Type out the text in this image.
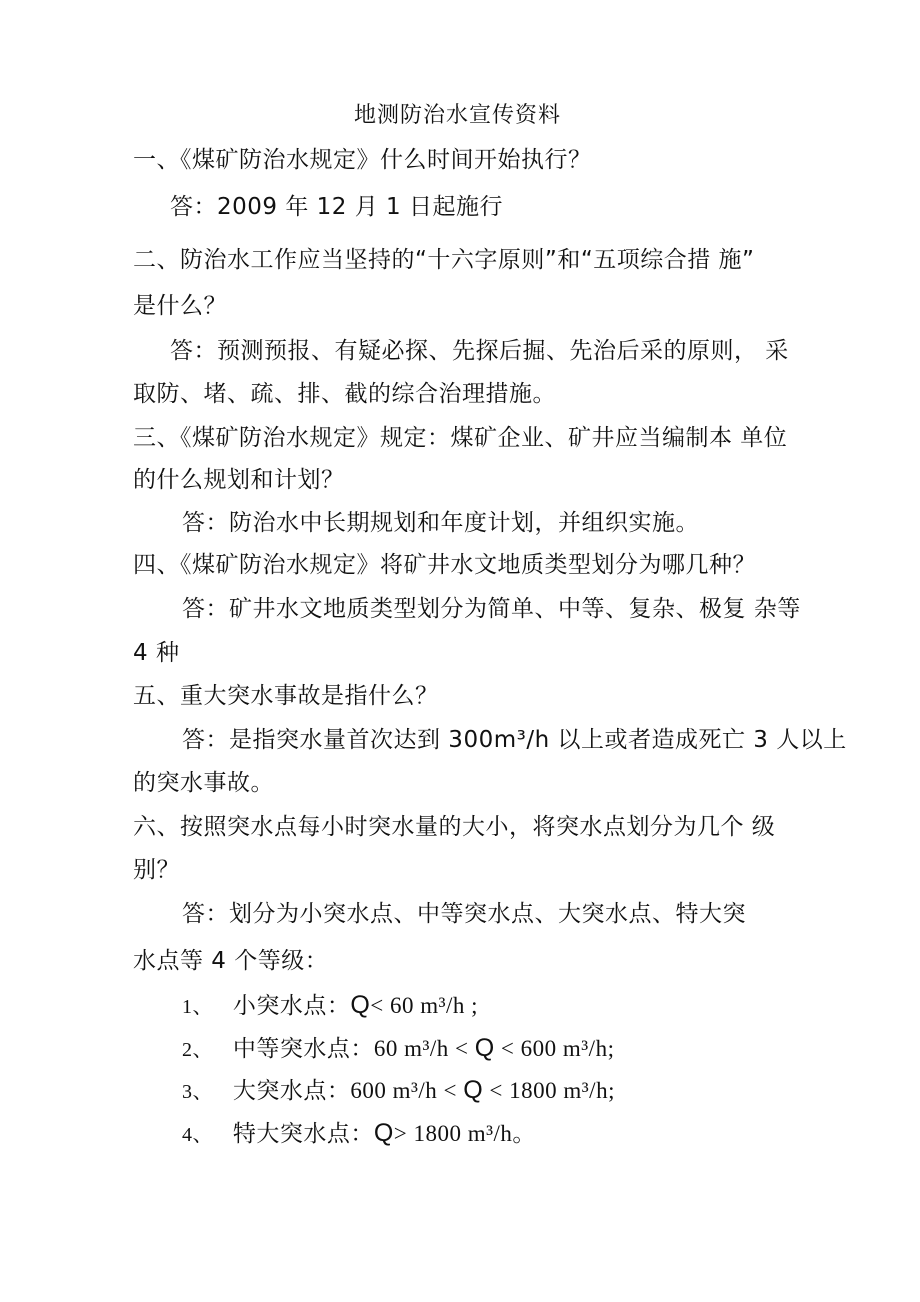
地测防治水宣传资料
一、《煤矿防治水规定》什么时间开始执行？
答：2009 年 12 月 1 日起施行
二、防治水工作应当坚持的“十六字原则”和“五项综合措 施”
是什么？
答：预测预报、有疑必探、先探后掘、先治后采的原则， 采
取防、堵、疏、排、截的综合治理措施。
三、《煤矿防治水规定》规定：煤矿企业、矿井应当编制本 单位
的什么规划和计划？
答：防治水中长期规划和年度计划，并组织实施。
四、《煤矿防治水规定》将矿井水文地质类型划分为哪几种？
答：矿井水文地质类型划分为简单、中等、复杂、极复 杂等
4 种
五、重大突水事故是指什么？
答：是指突水量首次达到 300m³/h 以上或者造成死亡 3 人以上
的突水事故。
六、按照突水点每小时突水量的大小，将突水点划分为几个 级
别？
答：划分为小突水点、中等突水点、大突水点、特大突
水点等 4 个等级：
1、 小突水点：Q< 60 m³/h ;
2、 中等突水点：60 m³/h < Q < 600 m³/h;
3、 大突水点：600 m³/h < Q < 1800 m³/h;
4、 特大突水点：Q> 1800 m³/h。
